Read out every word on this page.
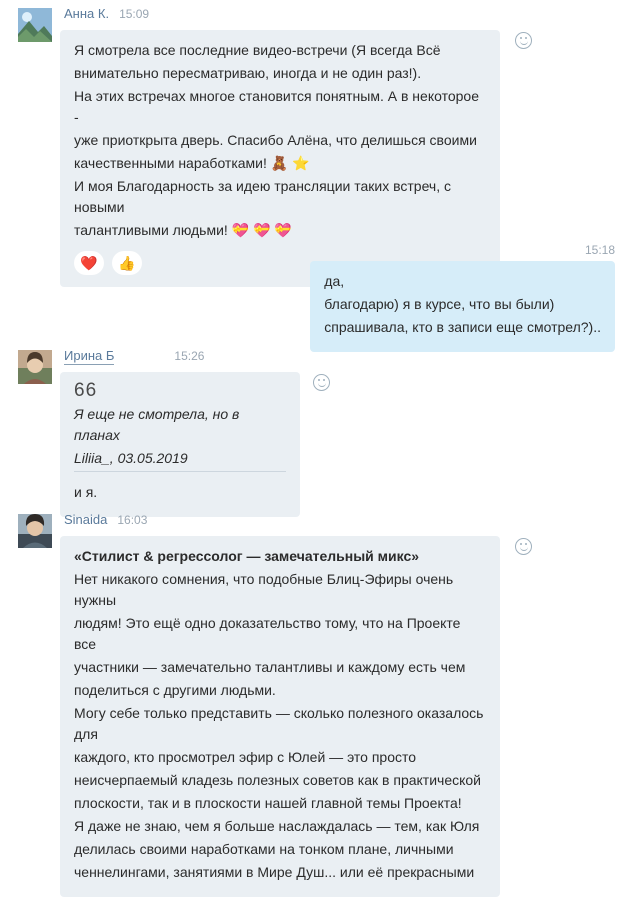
Анна К. 15:09

Я смотрела все последние видео-встречи (Я всегда Всё

внимательно пересматриваю, иногда и не один раз!).

На этих встречах многое становится понятным. А в некоторое -

уже приоткрыта дверь. Спасибо Алёна, что делишься своими

качественными наработками! 🧸 ⭐

И моя Благодарность за идею трансляции таких встреч, с новыми

талантливыми людьми! 💝 💝 💝

❤️	👍
15:18

да,

благодарю) я в курсе, что вы были)

спрашивала, кто в записи еще смотрел?)..

Ирина Б	15:26
66

Я еще не смотрела, но в планах

Liliia_, 03.05.2019

и я.

Sinaida 16:03

«Стилист & регрессолог — замечательный микс»

Нет никакого сомнения, что подобные Блиц-Эфиры очень нужны

людям! Это ещё одно доказательство тому, что на Проекте все

участники — замечательно талантливы и каждому есть чем

поделиться с другими людьми.

Могу себе только представить — сколько полезного оказалось для

каждого, кто просмотрел эфир с Юлей — это просто

неисчерпаемый кладезь полезных советов как в практической

плоскости, так и в плоскости нашей главной темы Проекта!

Я даже не знаю, чем я больше наслаждалась — тем, как Юля

делилась своими наработками на тонком плане, личными

ченнелингами, занятиями в Мире Душ... или её прекрасными
